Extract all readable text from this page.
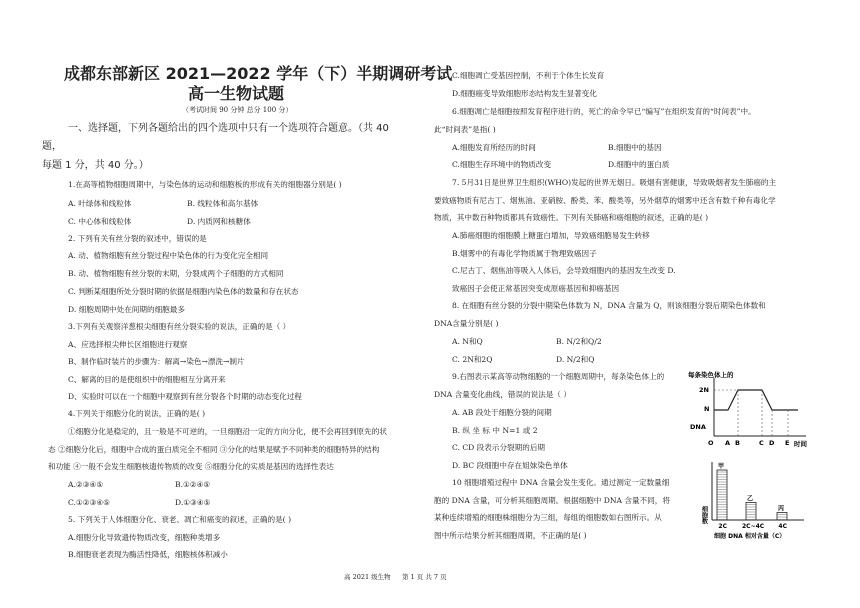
成都东部新区 2021—2022 学年（下）半期调研考试
高一生物试题
（考试时间 90 分钟 总分 100 分）
一、选择题，下列各题给出的四个选项中只有一个选项符合题意。（共 40
题，
每题 1 分，共 40 分。）
1.在高等植物细胞周期中，与染色体的运动和细胞板的形成有关的细胞器分别是( )
A. 叶绿体和线粒体	B. 线粒体和高尔基体
C. 中心体和线粒体	D. 内质网和核糖体
2. 下列有关有丝分裂的叙述中，错误的是
A. 动、植物细胞有丝分裂过程中染色体的行为变化完全相同
B. 动、植物细胞有丝分裂的末期，分裂成两个子细胞的方式相同
C. 判断某细胞所处分裂时期的依据是细胞内染色体的数量和存在状态
D. 细胞周期中处在间期的细胞最多
3.下列有关观察洋葱根尖细胞有丝分裂实验的说法，正确的是（ ）
A、应选择根尖伸长区细胞进行观察
B、制作临时装片的步骤为：解离→染色→漂洗→制片
C、解离的目的是使组织中的细胞相互分离开来
D、实验时可以在一个细胞中观察到有丝分裂各个时期的动态变化过程
4.下列关于细胞分化的说法，正确的是( )
①细胞分化是稳定的，且一般是不可逆的，一旦细胞沿一定的方向分化，便不会再回到原先的状
态 ②细胞分化后，细胞中合成的蛋白质完全不相同 ③分化的结果是赋予不同种类的细胞特异的结构
和功能 ④一般不会发生细胞核遗传物质的改变 ⑤细胞分化的实质是基因的选择性表达
A.②③④⑤	B.①②④⑤
C.①②③④⑤	D.①③④⑤
5. 下列关于人体细胞分化、衰老、凋亡和癌变的叙述，正确的是( )
A.细胞分化导致遗传物质改变，细胞种类增多
B.细胞衰老表现为酶活性降低，细胞核体积减小
C.细胞凋亡受基因控制，不利于个体生长发育
D.细胞癌变导致细胞形态结构发生显著变化
6.细胞凋亡是细胞按照发育程序进行的，死亡的命令早已“编写”在组织发育的“时间表”中。
此“时间表”是指( )
A.细胞发育所经历的时间	B.细胞中的基因
C.细胞生存环境中的物质改变	D.细胞中的蛋白质
7. 5月31日是世界卫生组织(WHO)发起的世界无烟日。吸烟有害健康，导致吸烟者发生肺癌的主
要致癌物质有尼古丁、烟焦油、亚硝胺、酚类、苯、酸类等，另外烟草的烟雾中还含有数千种有毒化学
物质，其中数百种物质都具有致癌性。下列有关肺癌和癌细胞的叙述，正确的是( )
A.肺癌细胞的细胞膜上糖蛋白增加，导致癌细胞易发生转移
B.烟雾中的有毒化学物质属于物理致癌因子
C.尼古丁、烟焦油等吸入人体后，会导致细胞内的基因发生改变 D.
致癌因子会使正常基因突变成原癌基因和抑癌基因
8. 在细胞有丝分裂的分裂中期染色体数为 N，DNA 含量为 Q，则该细胞分裂后期染色体数和
DNA含量分别是( )
A. N和Q	B. N/2和Q/2
C. 2N和2Q	D. N/2和Q
9.右图表示某高等动物细胞的一个细胞周期中，每条染色体上的
DNA 含量变化曲线，错误的说法是（ ）
A. AB 段处于细胞分裂的间期
B. 纵 坐 标 中 N=1 或 2
C. CD 段表示分裂期的后期
D. BC 段细胞中存在姐妹染色单体
10 细胞增殖过程中 DNA 含量会发生变化。通过测定一定数量细
胞的 DNA 含量，可分析其细胞周期。根据细胞中 DNA 含量不同，将
某种连续增殖的细胞株细胞分为三组，每组的细胞数如右图所示。从
图中所示结果分析其细胞周期，不正确的是( )
每条染色体上的
DNA
2N
N
O A B	C D E 时间
细胞数
甲
2C
乙
2C~4C
丙
4C
细胞 DNA 相对含量（C）
高 2021 级生物 第 1 页 共 7 页
